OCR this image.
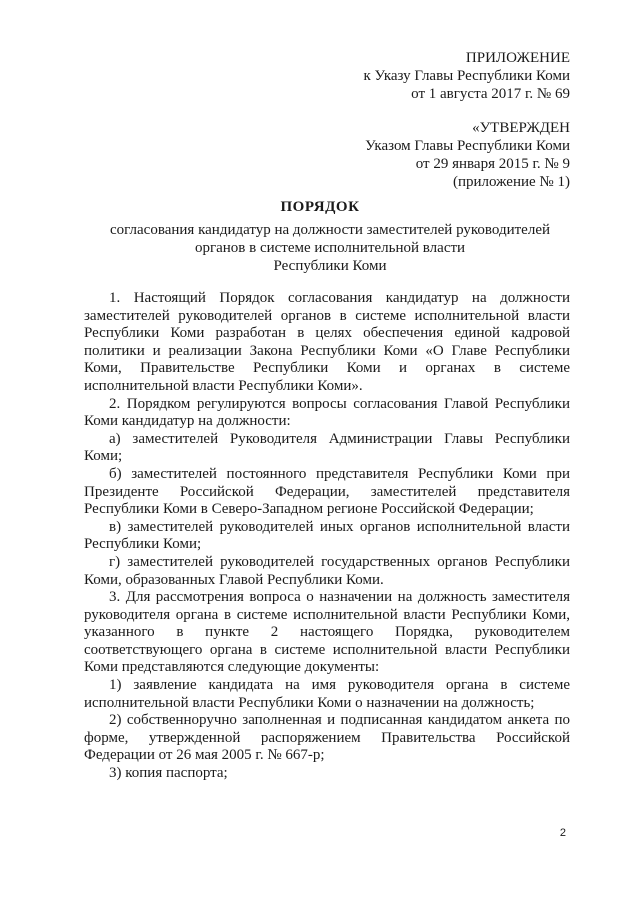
ПРИЛОЖЕНИЕ
к Указу Главы Республики Коми
от 1 августа 2017 г. № 69
«УТВЕРЖДЕН
Указом Главы Республики Коми
от 29 января 2015 г. № 9
(приложение № 1)
ПОРЯДОК
согласования кандидатур на должности заместителей руководителей
органов в системе исполнительной власти
Республики Коми

1. Настоящий Порядок согласования кандидатур на должности заместителей руководителей органов в системе исполнительной власти Республики Коми разработан в целях обеспечения единой кадровой политики и реализации Закона Республики Коми «О Главе Республики Коми, Правительстве Республики Коми и органах в системе исполнительной власти Республики Коми».

2. Порядком регулируются вопросы согласования Главой Республики Коми кандидатур на должности:

а) заместителей Руководителя Администрации Главы Республики Коми;

б) заместителей постоянного представителя Республики Коми при Президенте Российской Федерации, заместителей представителя Республики Коми в Северо-Западном регионе Российской Федерации;

в) заместителей руководителей иных органов исполнительной власти Республики Коми;

г) заместителей руководителей государственных органов Республики Коми, образованных Главой Республики Коми.

3. Для рассмотрения вопроса о назначении на должность заместителя руководителя органа в системе исполнительной власти Республики Коми, указанного в пункте 2 настоящего Порядка, руководителем соответствующего органа в системе исполнительной власти Республики Коми представляются следующие документы:

1) заявление кандидата на имя руководителя органа в системе исполнительной власти Республики Коми о назначении на должность;

2) собственноручно заполненная и подписанная кандидатом анкета по форме, утвержденной распоряжением Правительства Российской Федерации от 26 мая 2005 г. № 667-р;

3) копия паспорта;

2
